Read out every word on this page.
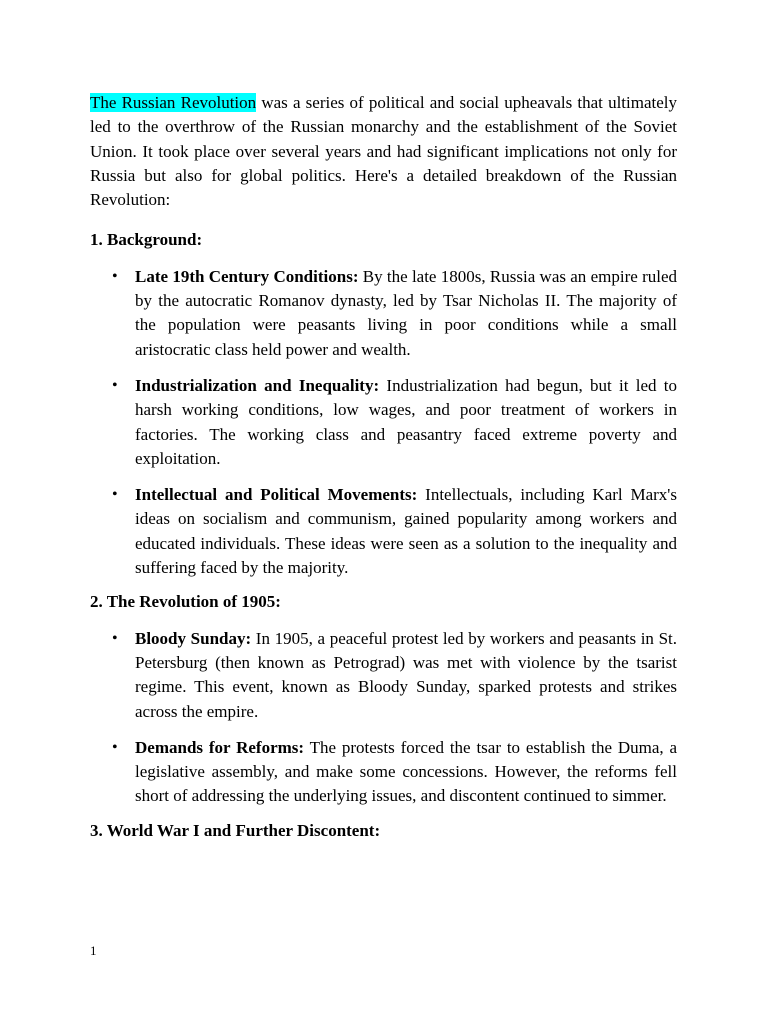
The Russian Revolution was a series of political and social upheavals that ultimately led to the overthrow of the Russian monarchy and the establishment of the Soviet Union. It took place over several years and had significant implications not only for Russia but also for global politics. Here's a detailed breakdown of the Russian Revolution:

1. Background:
• Late 19th Century Conditions: By the late 1800s, Russia was an empire ruled by the autocratic Romanov dynasty, led by Tsar Nicholas II. The majority of the population were peasants living in poor conditions while a small aristocratic class held power and wealth.
• Industrialization and Inequality: Industrialization had begun, but it led to harsh working conditions, low wages, and poor treatment of workers in factories. The working class and peasantry faced extreme poverty and exploitation.
• Intellectual and Political Movements: Intellectuals, including Karl Marx's ideas on socialism and communism, gained popularity among workers and educated individuals. These ideas were seen as a solution to the inequality and suffering faced by the majority.
2. The Revolution of 1905:
• Bloody Sunday: In 1905, a peaceful protest led by workers and peasants in St. Petersburg (then known as Petrograd) was met with violence by the tsarist regime. This event, known as Bloody Sunday, sparked protests and strikes across the empire.
• Demands for Reforms: The protests forced the tsar to establish the Duma, a legislative assembly, and make some concessions. However, the reforms fell short of addressing the underlying issues, and discontent continued to simmer.
3. World War I and Further Discontent:
1
